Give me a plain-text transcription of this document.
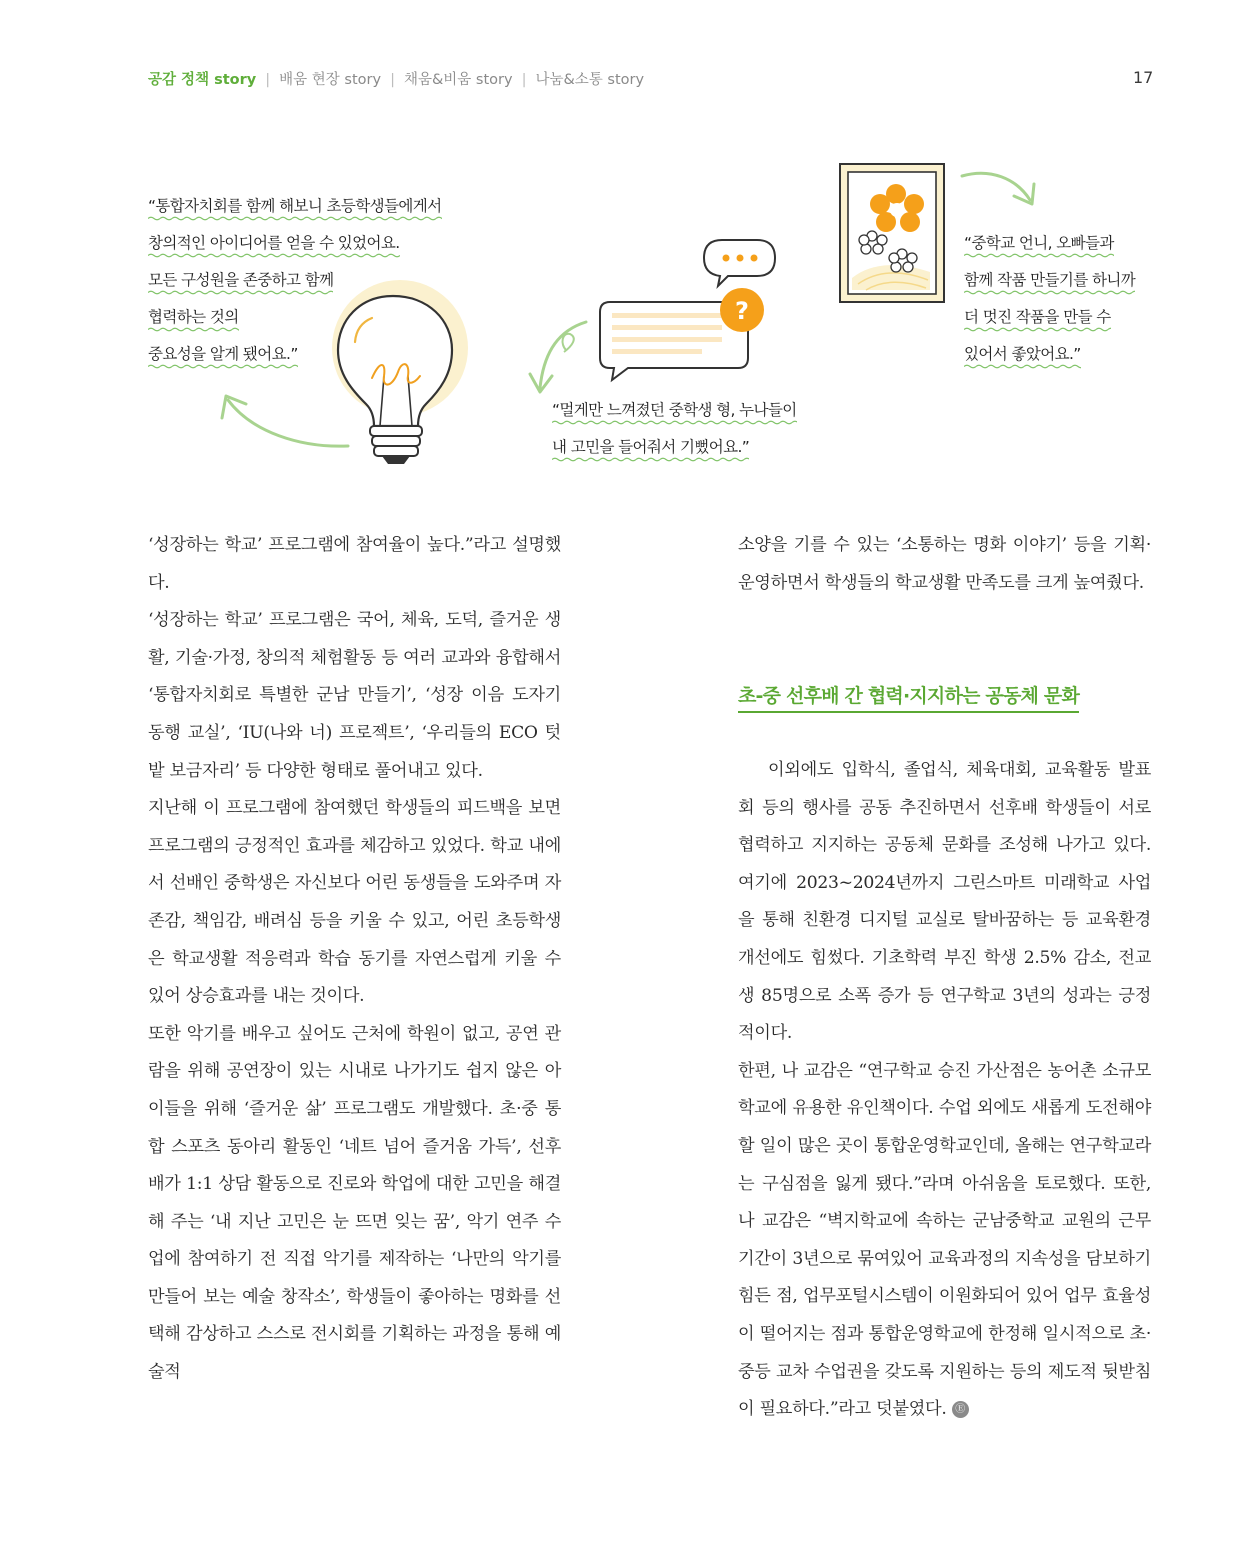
공감 정책 story | 배움 현장 story | 채움&비움 story | 나눔&소통 story	17
?
“통합자치회를 함께 해보니 초등학생들에게서
창의적인 아이디어를 얻을 수 있었어요.
모든 구성원을 존중하고 함께
협력하는 것의
중요성을 알게 됐어요.”
“멀게만 느껴졌던 중학생 형, 누나들이
내 고민을 들어줘서 기뻤어요.”
“중학교 언니, 오빠들과
함께 작품 만들기를 하니까
더 멋진 작품을 만들 수
있어서 좋았어요.”

‘성장하는 학교’ 프로그램에 참여율이 높다.”라고 설명했다.

‘성장하는 학교’ 프로그램은 국어, 체육, 도덕, 즐거운 생활, 기술·가정, 창의적 체험활동 등 여러 교과와 융합해서 ‘통합자치회로 특별한 군남 만들기’, ‘성장 이음 도자기 동행 교실’, ‘IU(나와 너) 프로젝트’, ‘우리들의 ECO 텃밭 보금자리’ 등 다양한 형태로 풀어내고 있다.

지난해 이 프로그램에 참여했던 학생들의 피드백을 보면 프로그램의 긍정적인 효과를 체감하고 있었다. 학교 내에서 선배인 중학생은 자신보다 어린 동생들을 도와주며 자존감, 책임감, 배려심 등을 키울 수 있고, 어린 초등학생은 학교생활 적응력과 학습 동기를 자연스럽게 키울 수 있어 상승효과를 내는 것이다.

또한 악기를 배우고 싶어도 근처에 학원이 없고, 공연 관람을 위해 공연장이 있는 시내로 나가기도 쉽지 않은 아이들을 위해 ‘즐거운 삶’ 프로그램도 개발했다. 초·중 통합 스포츠 동아리 활동인 ‘네트 넘어 즐거움 가득’, 선후배가 1:1 상담 활동으로 진로와 학업에 대한 고민을 해결해 주는 ‘내 지난 고민은 눈 뜨면 잊는 꿈’, 악기 연주 수업에 참여하기 전 직접 악기를 제작하는 ‘나만의 악기를 만들어 보는 예술 창작소’, 학생들이 좋아하는 명화를 선택해 감상하고 스스로 전시회를 기획하는 과정을 통해 예술적

소양을 기를 수 있는 ‘소통하는 명화 이야기’ 등을 기획·운영하면서 학생들의 학교생활 만족도를 크게 높여줬다.

초-중 선후배 간 협력·지지하는 공동체 문화

이외에도 입학식, 졸업식, 체육대회, 교육활동 발표회 등의 행사를 공동 추진하면서 선후배 학생들이 서로 협력하고 지지하는 공동체 문화를 조성해 나가고 있다. 여기에 2023~2024년까지 그린스마트 미래학교 사업을 통해 친환경 디지털 교실로 탈바꿈하는 등 교육환경 개선에도 힘썼다. 기초학력 부진 학생 2.5% 감소, 전교생 85명으로 소폭 증가 등 연구학교 3년의 성과는 긍정적이다.

한편, 나 교감은 “연구학교 승진 가산점은 농어촌 소규모학교에 유용한 유인책이다. 수업 외에도 새롭게 도전해야 할 일이 많은 곳이 통합운영학교인데, 올해는 연구학교라는 구심점을 잃게 됐다.”라며 아쉬움을 토로했다. 또한, 나 교감은 “벽지학교에 속하는 군남중학교 교원의 근무 기간이 3년으로 묶여있어 교육과정의 지속성을 담보하기 힘든 점, 업무포털시스템이 이원화되어 있어 업무 효율성이 떨어지는 점과 통합운영학교에 한정해 일시적으로 초·중등 교차 수업권을 갖도록 지원하는 등의 제도적 뒷받침이 필요하다.”라고 덧붙였다. Ⓔ
